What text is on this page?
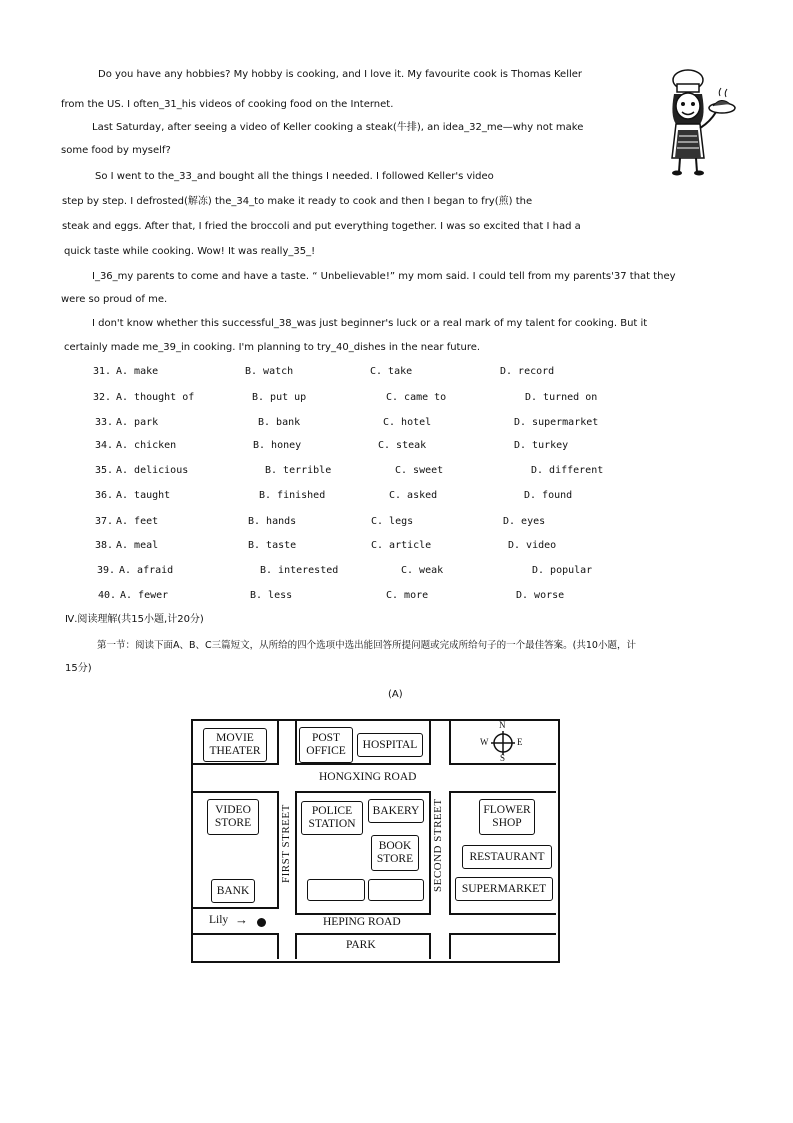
Do you have any hobbies? My hobby is cooking, and I love it. My favourite cook is Thomas Keller
from the US. I often_31_his videos of cooking food on the Internet.
Last Saturday, after seeing a video of Keller cooking a steak(牛排), an idea_32_me—why not make
some food by myself?
So I went to the_33_and bought all the things I needed. I followed Keller's video
step by step. I defrosted(解冻) the_34_to make it ready to cook and then I began to fry(煎) the
steak and eggs. After that, I fried the broccoli and put everything together. I was so excited that I had a
quick taste while cooking. Wow! It was really_35_!
I_36_my parents to come and have a taste. “ Unbelievable!” my mom said. I could tell from my parents'37 that they
were so proud of me.
I don't know whether this successful_38_was just beginner's luck or a real mark of my talent for cooking. But it
certainly made me_39_in cooking. I'm planning to try_40_dishes in the near future.
31. A. make	B. watch	C. take	D. record
32. A. thought of	B. put up	C. came to	D. turned on
33. A. park	B. bank	C. hotel	D. supermarket
34. A. chicken	B. honey	C. steak	D. turkey
35. A. delicious	B. terrible	C. sweet	D. different
36. A. taught	B. finished	C. asked	D. found
37. A. feet	B. hands	C. legs	D. eyes
38. A. meal	B. taste	C. article	D. video
39. A. afraid	B. interested	C. weak	D. popular
40. A. fewer	B. less	C. more	D. worse
Ⅳ.阅读理解(共15小题,计20分)
第一节：阅读下面A、B、C三篇短文，从所给的四个选项中选出能回答所提问题或完成所给句子的一个最佳答案。(共10小题，计
15分)
(A)
MOVIE
THEATER
POST
OFFICE
HOSPITAL
N
S
W	E
HONGXING ROAD
VIDEO
STORE	FIRST STREET	POLICE
STATION
BAKERY
BOOK
STORE	SECOND STREET	FLOWER
SHOP
RESTAURANT
BANK	SUPERMARKET
Lily →	HEPING ROAD
PARK
